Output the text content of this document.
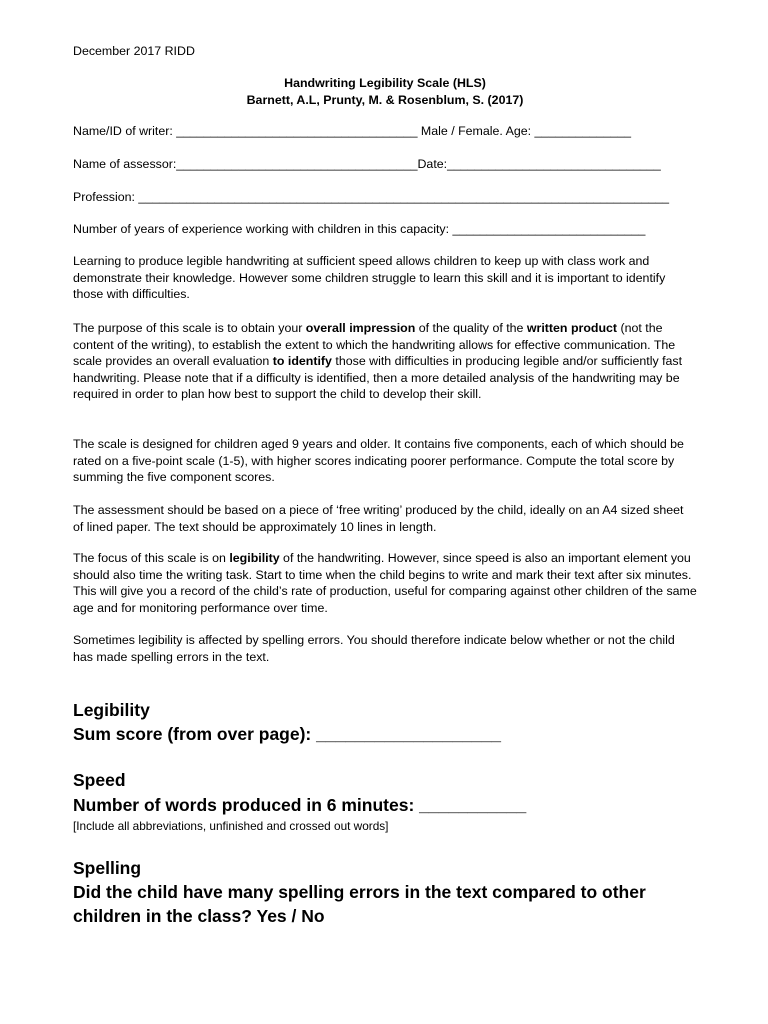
December 2017 RIDD
Handwriting Legibility Scale (HLS)
Barnett, A.L, Prunty, M. & Rosenblum, S. (2017)
Name/ID of writer: ___________________________________ Male / Female. Age: ______________
Name of assessor:___________________________________Date:_______________________________
Profession: _____________________________________________________________________________
Number of years of experience working with children in this capacity: ____________________________

Learning to produce legible handwriting at sufficient speed allows children to keep up with class work and demonstrate their knowledge. However some children struggle to learn this skill and it is important to identify those with difficulties.

The purpose of this scale is to obtain your overall impression of the quality of the written product (not the content of the writing), to establish the extent to which the handwriting allows for effective communication. The scale provides an overall evaluation to identify those with difficulties in producing legible and/or sufficiently fast handwriting. Please note that if a difficulty is identified, then a more detailed analysis of the handwriting may be required in order to plan how best to support the child to develop their skill.

The scale is designed for children aged 9 years and older. It contains five components, each of which should be rated on a five-point scale (1-5), with higher scores indicating poorer performance. Compute the total score by summing the five component scores.

The assessment should be based on a piece of ‘free writing’ produced by the child, ideally on an A4 sized sheet of lined paper. The text should be approximately 10 lines in length.

The focus of this scale is on legibility of the handwriting. However, since speed is also an important element you should also time the writing task. Start to time when the child begins to write and mark their text after six minutes. This will give you a record of the child’s rate of production, useful for comparing against other children of the same age and for monitoring performance over time.

Sometimes legibility is affected by spelling errors. You should therefore indicate below whether or not the child has made spelling errors in the text.

Legibility
Sum score (from over page): ___________________
Speed
Number of words produced in 6 minutes: ___________
[Include all abbreviations, unfinished and crossed out words]
Spelling
Did the child have many spelling errors in the text compared to other children in the class? Yes / No
